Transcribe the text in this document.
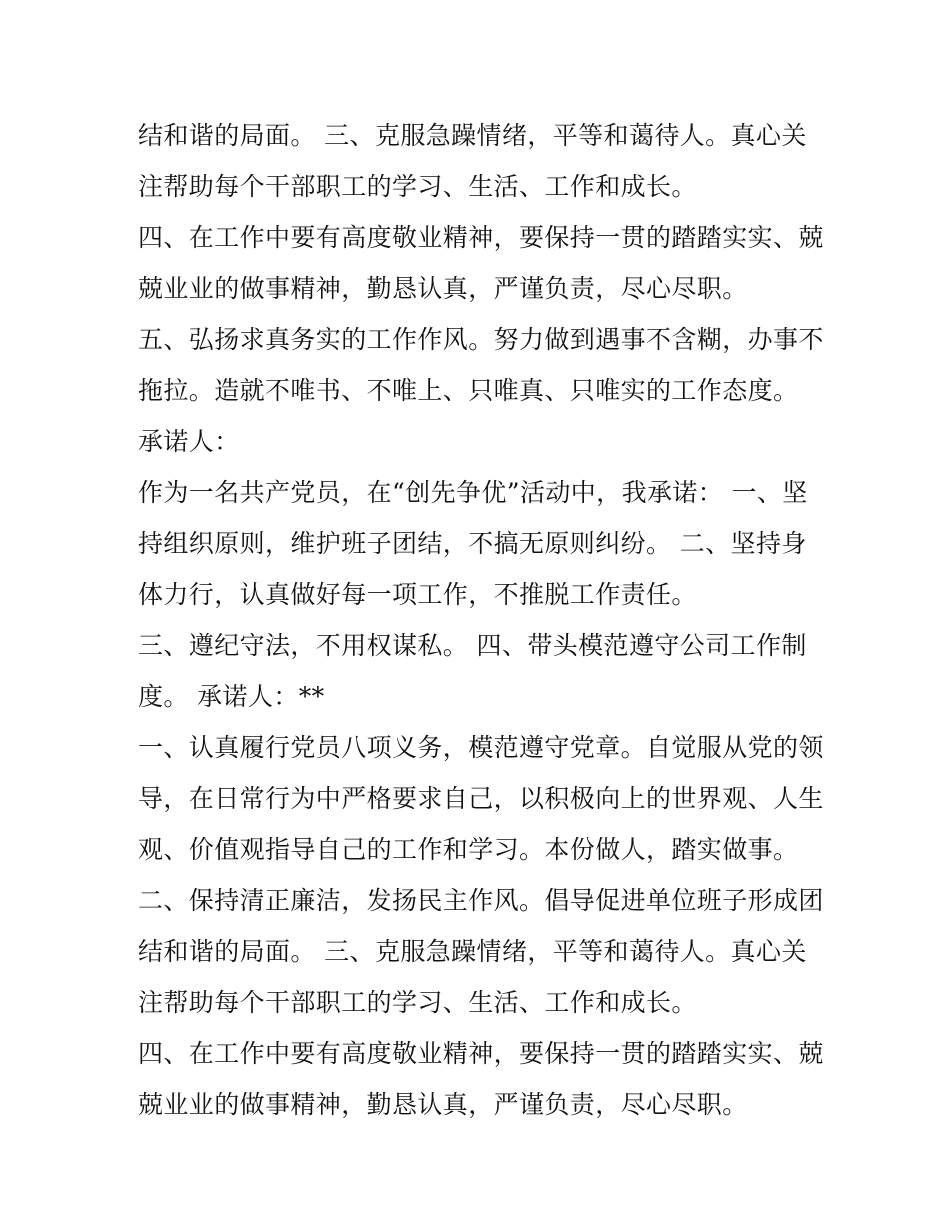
结和谐的局面。 三、克服急躁情绪，平等和蔼待人。真心关
注帮助每个干部职工的学习、生活、工作和成长。
四、在工作中要有高度敬业精神，要保持一贯的踏踏实实、兢
兢业业的做事精神，勤恳认真，严谨负责，尽心尽职。
五、弘扬求真务实的工作作风。努力做到遇事不含糊，办事不
拖拉。造就不唯书、不唯上、只唯真、只唯实的工作态度。
承诺人：
作为一名共产党员，在“创先争优”活动中，我承诺： 一、坚
持组织原则，维护班子团结，不搞无原则纠纷。 二、坚持身
体力行，认真做好每一项工作，不推脱工作责任。
三、遵纪守法，不用权谋私。 四、带头模范遵守公司工作制
度。 承诺人：**
一、认真履行党员八项义务，模范遵守党章。自觉服从党的领
导，在日常行为中严格要求自己，以积极向上的世界观、人生
观、价值观指导自己的工作和学习。本份做人，踏实做事。
二、保持清正廉洁，发扬民主作风。倡导促进单位班子形成团
结和谐的局面。 三、克服急躁情绪，平等和蔼待人。真心关
注帮助每个干部职工的学习、生活、工作和成长。
四、在工作中要有高度敬业精神，要保持一贯的踏踏实实、兢
兢业业的做事精神，勤恳认真，严谨负责，尽心尽职。
